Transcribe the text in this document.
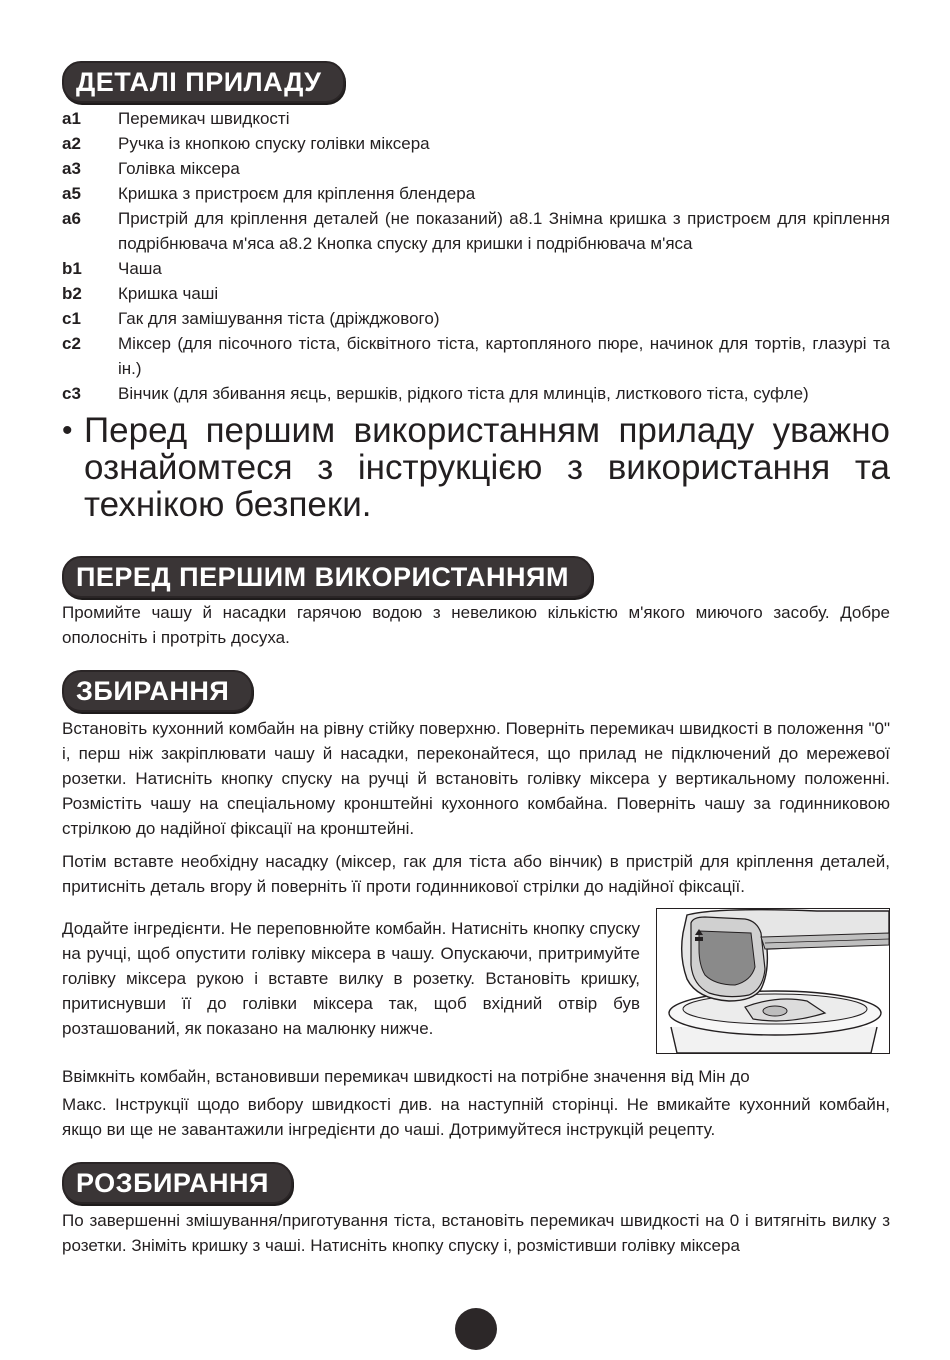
ДЕТАЛІ ПРИЛАДУ
a1	Перемикач швидкості
a2	Ручка із кнопкою спуску голівки міксера
a3	Голівка міксера
a5	Кришка з пристроєм для кріплення блендера
a6	Пристрій для кріплення деталей (не показаний) a8.1 Знімна кришка з пристроєм для кріплення подрібнювача м'яса a8.2 Кнопка спуску для кришки і подрібнювача м'яса
b1	Чаша
b2	Кришка чаші
c1	Гак для замішування тіста (дріжджового)
c2	Міксер (для пісочного тіста, бісквітного тіста, картопляного пюре, начинок для тортів, глазурі та ін.)
c3	Вінчик (для збивання яєць, вершків, рідкого тіста для млинців, листкового тіста, суфле)
• Перед першим використанням приладу уважно ознайомтеся з інструкцією з використання та технікою безпеки.
ПЕРЕД ПЕРШИМ ВИКОРИСТАННЯМ

Промийте чашу й насадки гарячою водою з невеликою кількістю м'якого миючого засобу. Добре ополосніть і протріть досуха.

ЗБИРАННЯ

Встановіть кухонний комбайн на рівну стійку поверхню. Поверніть перемикач швидкості в положення "0" і, перш ніж закріплювати чашу й насадки, переконайтеся, що прилад не підключений до мережевої розетки. Натисніть кнопку спуску на ручці й встановіть голівку міксера у вертикальному положенні. Розмістіть чашу на спеціальному кронштейні кухонного комбайна. Поверніть чашу за годинниковою стрілкою до надійної фіксації на кронштейні.

Потім вставте необхідну насадку (міксер, гак для тіста або вінчик) в пристрій для кріплення деталей, притисніть деталь вгору й поверніть її проти годинникової стрілки до надійної фіксації.

Додайте інгредієнти. Не переповнюйте комбайн. Натисніть кнопку спуску на ручці, щоб опустити голівку міксера в чашу. Опускаючи, притримуйте голівку міксера рукою і вставте вилку в розетку. Встановіть кришку, притиснувши її до голівки міксера так, щоб вхідний отвір був розташований, як показано на малюнку нижче.

Ввімкніть комбайн, встановивши перемикач швидкості на потрібне значення від Мін до

Макс. Інструкції щодо вибору швидкості див. на наступній сторінці. Не вмикайте кухонний комбайн, якщо ви ще не завантажили інгредієнти до чаші. Дотримуйтеся інструкцій рецепту.

РОЗБИРАННЯ

По завершенні змішування/приготування тіста, встановіть перемикач швидкості на 0 і витягніть вилку з розетки. Зніміть кришку з чаші. Натисніть кнопку спуску і, розмістивши голівку міксера
